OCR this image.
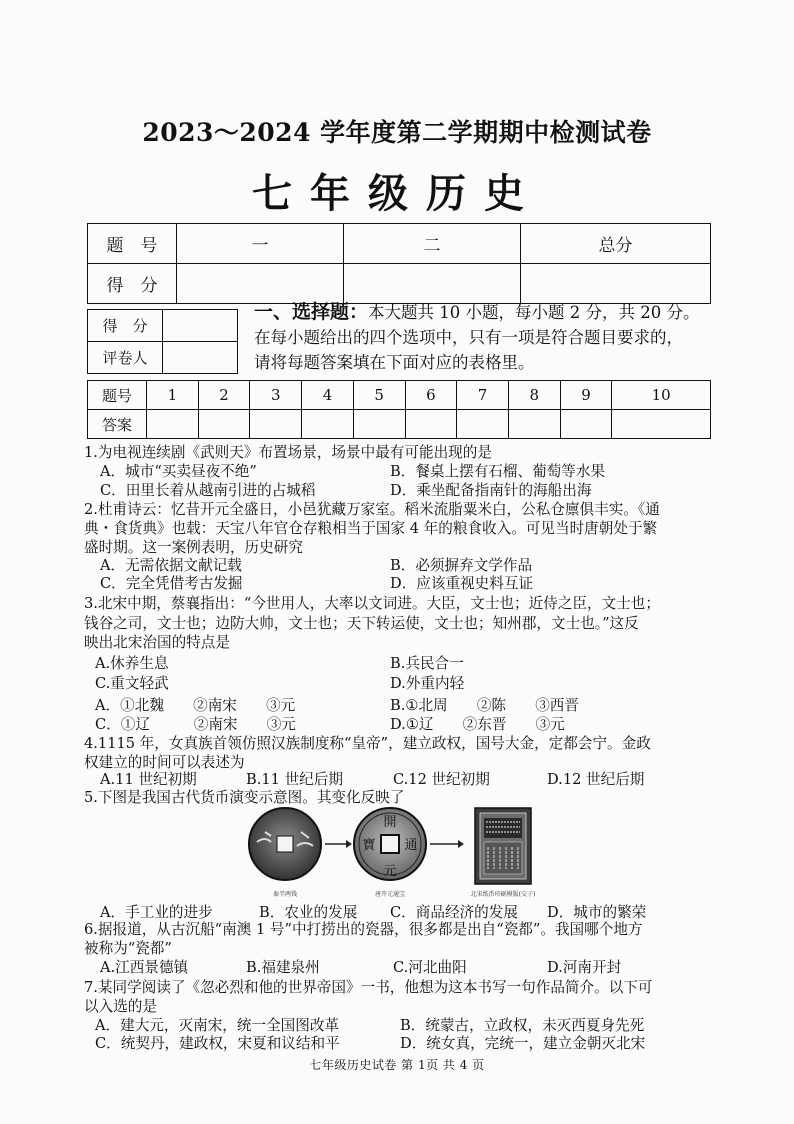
2023～2024 学年度第二学期期中检测试卷
七年级历史
题　号	一	二	总分
得　分			
得　分	
评卷人	
一、选择题：本大题共 10 小题，每小题 2 分，共 20 分。
在每小题给出的四个选项中，只有一项是符合题目要求的，
请将每题答案填在下面对应的表格里。
题号	1	2	3	4	5	6	7	8	9	10
答案										
1.为电视连续剧《武则天》布置场景，场景中最有可能出现的是
A．城市“买卖昼夜不绝”	B．餐桌上摆有石榴、葡萄等水果
C．田里长着从越南引进的占城稻	D．乘坐配备指南针的海船出海
2.杜甫诗云：忆昔开元全盛日，小邑犹藏万家室。稻米流脂粟米白，公私仓廪俱丰实。《通
典・食货典》也载：天宝八年官仓存粮相当于国家 4 年的粮食收入。可见当时唐朝处于繁
盛时期。这一案例表明，历史研究
A．无需依据文献记载	B．必须摒弃文学作品
C．完全凭借考古发掘	D．应该重视史料互证
3.北宋中期，蔡襄指出：“今世用人，大率以文词进。大臣，文士也；近侍之臣，文士也；
钱谷之司，文士也；边防大帅，文士也；天下转运使，文士也；知州郡，文士也。”这反
映出北宋治国的特点是
A.休养生息	B.兵民合一
C.重文轻武	D.外重内轻
A．①北魏　　②南宋　　③元	B.①北周　　②陈　　③西晋
C．①辽　　　②南宋　　③元	D.①辽　　②东晋　　③元
4.1115 年，女真族首领仿照汉族制度称“皇帝”，建立政权，国号大金，定都会宁。金政
权建立的时间可以表述为
A.11 世纪初期	B.11 世纪后期	C.12 世纪初期	D.12 世纪后期
5.下图是我国古代货币演变示意图。其变化反映了
秦半两钱
開
元
寶 通
唐开元通宝	北宋纸币印刷模版(交子)
A．手工业的进步	B．农业的发展 C．商品经济的发展 D．城市的繁荣
6.据报道，从古沉船“南澳 1 号”中打捞出的瓷器，很多都是出自“瓷都”。我国哪个地方
被称为“瓷都”
A.江西景德镇	B.福建泉州	C.河北曲阳	D.河南开封
7.某同学阅读了《忽必烈和他的世界帝国》一书，他想为这本书写一句作品简介。以下可
以入选的是
A．建大元，灭南宋，统一全国图改革	B．统蒙古，立政权，未灭西夏身先死
C．统契丹，建政权，宋夏和议结和平	D．统女真，完统一，建立金朝灭北宋
七年级历史试卷 第 1页 共 4 页
